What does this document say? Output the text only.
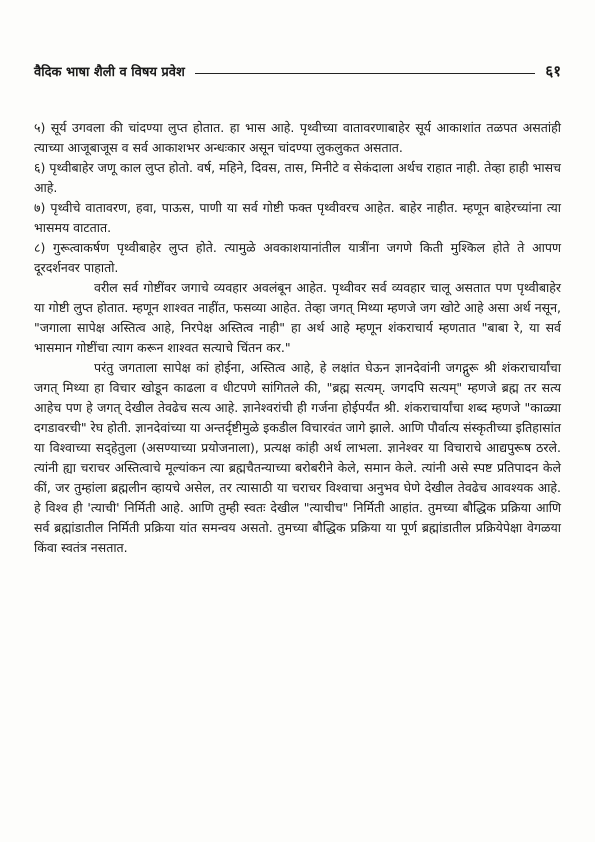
वैदिक भाषा शैली व विषय प्रवेश	६१

५) सूर्य उगवला की चांदण्या लुप्त होतात. हा भास आहे. पृथ्वीच्या वातावरणाबाहेर सूर्य आकाशांत तळपत असतांही त्याच्या आजूबाजूस व सर्व आकाशभर अन्धःकार असून चांदण्या लुकलुकत असतात.

६) पृथ्वीबाहेर जणू काल लुप्त होतो. वर्ष, महिने, दिवस, तास, मिनीटे व सेकंदाला अर्थच राहात नाही. तेव्हा हाही भासच आहे.

७) पृथ्वीचे वातावरण, हवा, पाऊस, पाणी या सर्व गोष्टी फक्त पृथ्वीवरच आहेत. बाहेर नाहीत. म्हणून बाहेरच्यांना त्या भासमय वाटतात.

८) गुरूत्वाकर्षण पृथ्वीबाहेर लुप्त होते. त्यामुळे अवकाशयानांतील यात्रींना जगणे किती मुश्किल होते ते आपण दूरदर्शनवर पाहातो.

वरील सर्व गोष्टींवर जगाचे व्यवहार अवलंबून आहेत. पृथ्वीवर सर्व व्यवहार चालू असतात पण पृथ्वीबाहेर या गोष्टी लुप्त होतात. म्हणून शाश्वत नाहींत, फसव्या आहेत. तेव्हा जगत् मिथ्या म्हणजे जग खोटे आहे असा अर्थ नसून, "जगाला सापेक्ष अस्तित्व आहे, निरपेक्ष अस्तित्व नाही" हा अर्थ आहे म्हणून शंकराचार्य म्हणतात "बाबा रे, या सर्व भासमान गोष्टींचा त्याग करून शाश्वत सत्याचे चिंतन कर."

परंतु जगताला सापेक्ष कां होईना, अस्तित्व आहे, हे लक्षांत घेऊन ज्ञानदेवांनी जगद्गुरू श्री शंकराचार्यांचा जगत् मिथ्या हा विचार खोडून काढला व धीटपणे सांगितले की, "ब्रह्म सत्यम्. जगदपि सत्यम्" म्हणजे ब्रह्म तर सत्य आहेच पण हे जगत् देखील तेवढेच सत्य आहे. ज्ञानेश्वरांची ही गर्जना होईपर्यंत श्री. शंकराचार्यांचा शब्द म्हणजे "काळ्या दगडावरची" रेघ होती. ज्ञानदेवांच्या या अन्तर्दृष्टीमुळे इकडील विचारवंत जागे झाले. आणि पौर्वात्य संस्कृतीच्या इतिहासांत या विश्वाच्या सद्हेतुला (असण्याच्या प्रयोजनाला), प्रत्यक्ष कांही अर्थ लाभला. ज्ञानेश्वर या विचाराचे आद्यपुरूष ठरले. त्यांनी ह्या चराचर अस्तित्वाचे मूल्यांकन त्या ब्रह्मचैतन्याच्या बरोबरीने केले, समान केले. त्यांनी असे स्पष्ट प्रतिपादन केले कीं, जर तुम्हांला ब्रह्मलीन व्हायचे असेल, तर त्यासाठी या चराचर विश्वाचा अनुभव घेणे देखील तेवढेच आवश्यक आहे. हे विश्व ही 'त्याची' निर्मिती आहे. आणि तुम्ही स्वतः देखील "त्याचीच" निर्मिती आहांत. तुमच्या बौद्धिक प्रक्रिया आणि सर्व ब्रह्मांडातील निर्मिती प्रक्रिया यांत समन्वय असतो. तुमच्या बौद्धिक प्रक्रिया या पूर्ण ब्रह्मांडातील प्रक्रियेपेक्षा वेगळया किंवा स्वतंत्र नसतात.
